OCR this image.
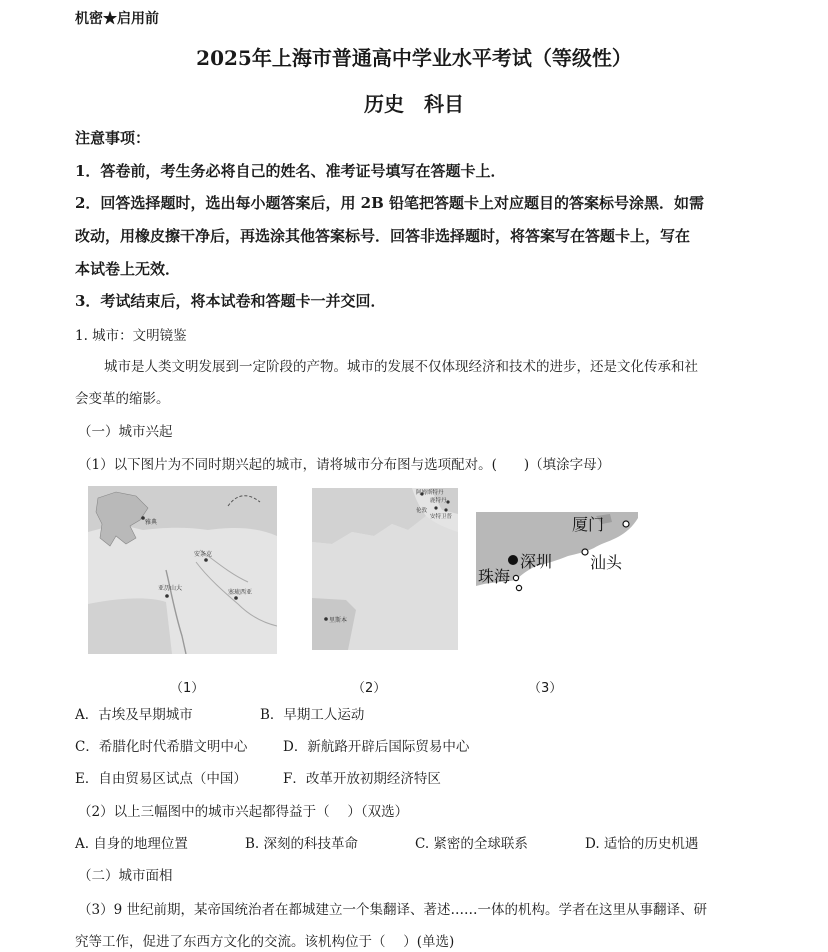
机密★启用前
2025年上海市普通高中学业水平考试（等级性）
历史　科目
注意事项：
1．答卷前，考生务必将自己的姓名、准考证号填写在答题卡上．
2．回答选择题时，选出每小题答案后，用 2B 铅笔把答题卡上对应题目的答案标号涂黑．如需
改动，用橡皮擦干净后，再选涂其他答案标号．回答非选择题时，将答案写在答题卡上，写在
本试卷上无效．
3．考试结束后，将本试卷和答题卡一并交回．
1. 城市：文明镜鉴
城市是人类文明发展到一定阶段的产物。城市的发展不仅体现经济和技术的进步，还是文化传承和社
会变革的缩影。
（一）城市兴起
（1）以下图片为不同时期兴起的城市，请将城市分布图与选项配对。(　　)（填涂字母）
雅典
亚历山大
安条克
塞琉西亚
（1）
阿姆斯特丹
鹿特丹
伦敦
安特卫普
里斯本
（2）
厦门
深圳 汕头
珠海
（3）
A．古埃及早期城市	B．早期工人运动
C．希腊化时代希腊文明中心	D．新航路开辟后国际贸易中心
E．自由贸易区试点（中国）	F．改革开放初期经济特区
（2）以上三幅图中的城市兴起都得益于（　 ）（双选）
A. 自身的地理位置	B. 深刻的科技革命	C. 紧密的全球联系	D. 适恰的历史机遇
（二）城市面相
（3）9 世纪前期，某帝国统治者在都城建立一个集翻译、著述……一体的机构。学者在这里从事翻译、研
究等工作，促进了东西方文化的交流。该机构位于（　 ）(单选)
